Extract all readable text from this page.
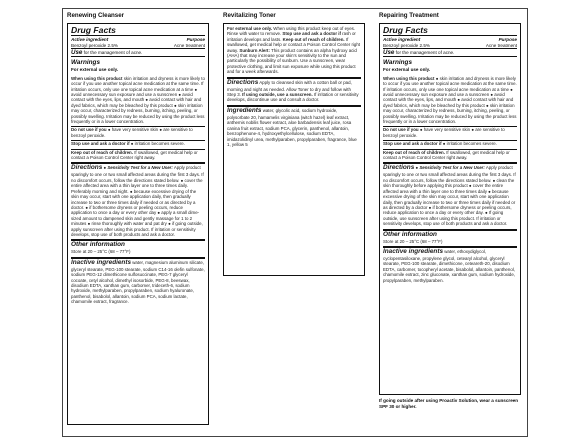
Renewing Cleanser
Drug Facts
Active ingredient	Purpose
Benzoyl peroxide 2.5%	Acne treatment
Use for the management of acne.
Warnings
For external use only.
When using this product skin irritation and dryness is more likely to occur if you use another topical acne medication at the same time. If irritation occurs, only use one topical acne medication at a time ● avoid unnecessary sun exposure and use a sunscreen ● avoid contact with the eyes, lips, and mouth ● avoid contact with hair and dyed fabrics, which may be bleached by this product ● skin irritation may occur, characterized by redness, burning, itching, peeling, or possibly swelling. Irritation may be reduced by using the product less frequently or in a lower concentration.
Do not use if you ● have very sensitive skin ● are sensitive to benzoyl peroxide.
Stop use and ask a doctor if ● irritation becomes severe.
Keep out of reach of children. If swallowed, get medical help or contact a Poison Control Center right away.
Directions ● Sensitivity Test for a New User: Apply product sparingly to one or two small affected areas during the first 3 days. If no discomfort occurs, follow the directions stated below. ● cover the entire affected area with a thin layer one to three times daily. Preferably morning and night. ● because excessive drying of the skin may occur, start with one application daily, then gradually increase to two or three times daily if needed or as directed by a doctor. ● if bothersome dryness or peeling occurs, reduce application to once a day or every other day ● apply a small dime-sized amount to dampened skin and gently massage for 1 to 2 minutes ● rinse thoroughly with water and pat dry ● if going outside, apply sunscreen after using this product. If irritation or sensitivity develops, stop use of both products and ask a doctor.
Other information
Store at 20 – 25°C (68 – 77°F)
Inactive ingredients water, magnesium aluminum silicate, glyceryl stearate, PEG-100 stearate, sodium C14-16 olefin sulfonate, sodium PEG-12 dimethicone sulfosuccinate, PEG-7 glyceryl cocoate, cetyl alcohol, dimethyl isosorbide, PEG-8, beeswax, disodium EDTA, xanthan gum, carbomer, trideceth-6, sodium hydroxide, methylparaben, propylparaben, sodium hyaluronate, panthenol, bisabolol, allantoin, sodium PCA, sodium lactate, chamomile extract, fragrance.
Revitalizing Toner
For external use only. When using this product keep out of eyes. Rinse with water to remove. Stop use and ask a doctor if rash or irritation develops and lasts. Keep out of reach of children. If swallowed, get medical help or contact a Poison Control Center right away. Sunburn Alert: This product contains an alpha hydroxy acid (AHA) that may increase your skin's sensitivity to the sun and particularly the possibility of sunburn. Use a sunscreen, wear protective clothing, and limit sun exposure while using this product and for a week afterwards.
Directions Apply to cleansed skin with a cotton ball or pad, morning and night as needed. Allow Toner to dry and follow with Step 3. If using outside, use a sunscreen. If irritation or sensitivity develops, discontinue use and consult a doctor.
Ingredients water, glycolic acid, sodium hydroxide, polysorbate 20, hamamelis virginiana (witch hazel) leaf extract, anthemis nobilis flower extract, aloe barbadensis leaf juice, rosa canina fruit extract, sodium PCA, glycerin, panthenol, allantoin, benzophenone-4, hydroxyethylcellulose, sodium EDTA, imidazolidinyl urea, methylparaben, propylparaben, fragrance, blue 1, yellow 5
Repairing Treatment
Drug Facts
Active ingredient	Purpose
Benzoyl peroxide 2.5%	Acne treatment
Use for the management of acne.
Warnings
For external use only.
When using this product ● skin irritation and dryness is more likely to occur if you use another topical acne medication at the same time. If irritation occurs, only use one topical acne medication at a time ● avoid unnecessary sun exposure and use a sunscreen ● avoid contact with the eyes, lips, and mouth ● avoid contact with hair and dyed fabrics, which may be bleached by this product ● skin irritation may occur, characterized by redness, burning, itching, peeling, or possibly swelling. Irritation may be reduced by using the product less frequently or in a lower concentration.
Do not use if you ● have very sensitive skin ● are sensitive to benzoyl peroxide.
Stop use and ask a doctor if ● irritation becomes severe.
Keep out of reach of children. If swallowed, get medical help or contact a Poison Control Center right away.
Directions ● Sensitivity Test for a New User: Apply product sparingly to one or two small affected areas during the first 3 days. If no discomfort occurs, follow the directions stated below. ● clean the skin thoroughly before applying this product ● cover the entire affected area with a thin layer one to three times daily ● because excessive drying of the skin may occur, start with one application daily, then gradually increase to two or three times daily if needed or as directed by a doctor ● if bothersome dryness or peeling occurs, reduce application to once a day or every other day. ● If going outside, use sunscreen after using this product. If irritation or sensitivity develops, stop use of both products and ask a doctor.
Other information
Store at 20 – 25°C (68 – 77°F)
Inactive ingredients water, ethoxydiglycol, cyclopentasiloxane, propylene glycol, cetearyl alcohol, glyceryl stearate, PEG-100 stearate, dimethicone, ceteareth-20, disodium EDTA, carbomer, tocopheryl acetate, bisabolol, allantoin, panthenol, chamomile extract, zinc gluconate, xanthan gum, sodium hydroxide, propylparaben, methylparaben.
If going outside after using Proactiv Solution, wear a sunscreen SPF 30 or higher.
